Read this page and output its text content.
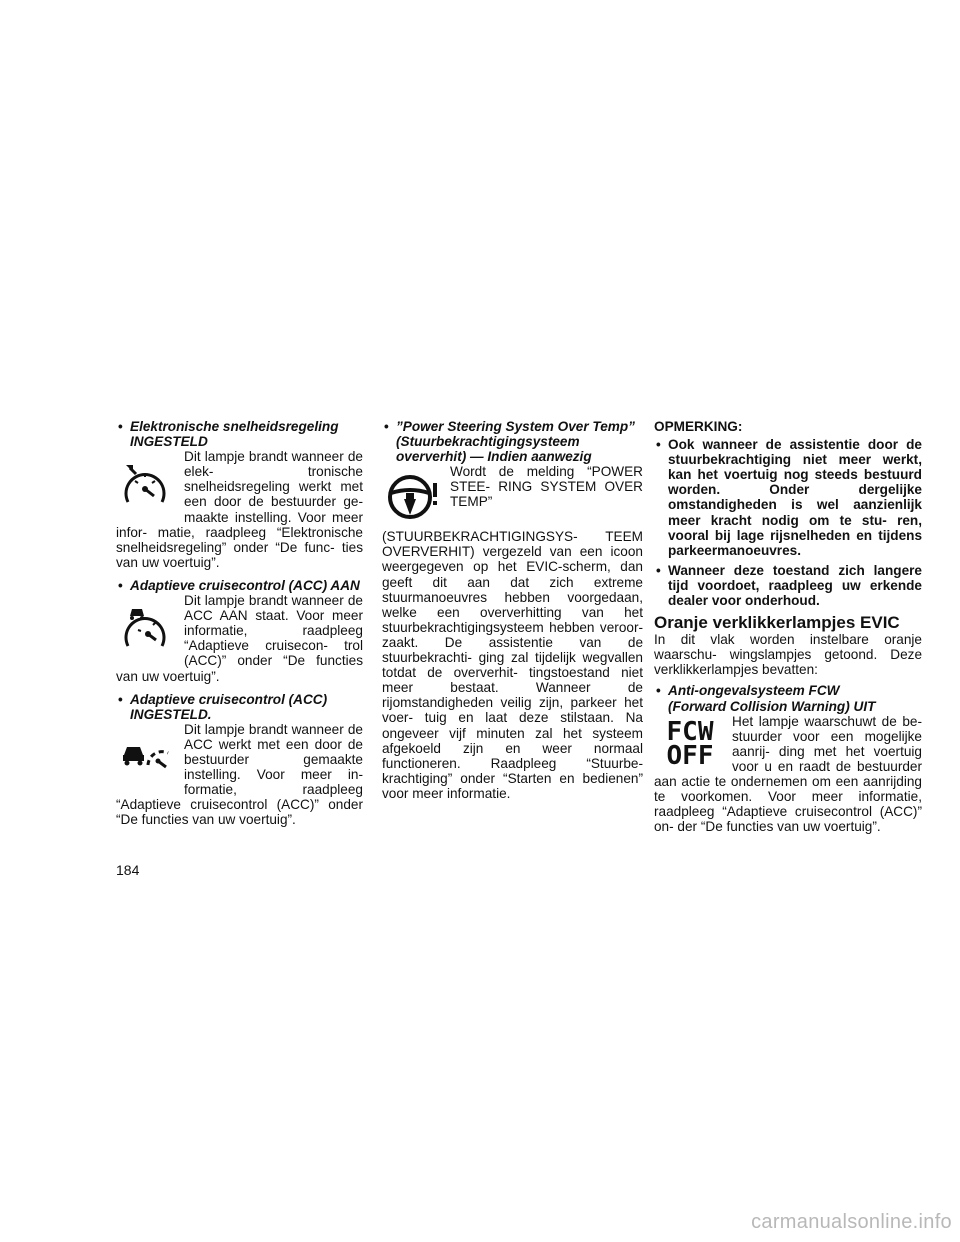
• Elektronische snelheidsregeling
INGESTELD
Dit lampje brandt wanneer de elek- tronische snelheidsregeling werkt met een door de bestuurder ge- maakte instelling. Voor meer infor- matie, raadpleeg “Elektronische snelheidsregeling” onder “De func- ties van uw voertuig”.
• Adaptieve cruisecontrol (ACC) AAN
Dit lampje brandt wanneer de ACC AAN staat. Voor meer informatie, raadpleeg “Adaptieve cruisecon- trol (ACC)” onder “De functies van uw voertuig”.
• Adaptieve cruisecontrol (ACC)
INGESTELD.
Dit lampje brandt wanneer de ACC werkt met een door de bestuurder gemaakte instelling. Voor meer in- formatie, raadpleeg “Adaptieve cruisecontrol (ACC)” onder “De functies van uw voertuig”.
• ”Power Steering System Over Temp”
(Stuurbekrachtigingsysteem
oververhit) — Indien aanwezig
Wordt de melding “POWER STEE- RING SYSTEM OVER TEMP” (STUURBEKRACHTIGINGSYS- TEEM OVERVERHIT) vergezeld van een icoon weergegeven op het EVIC-scherm, dan geeft dit aan dat zich extreme stuurmanoeuvres hebben voorgedaan, welke een oververhitting van het stuurbekrachtigingsysteem hebben veroor- zaakt. De assistentie van de stuurbekrachti- ging zal tijdelijk wegvallen totdat de oververhit- tingstoestand niet meer bestaat. Wanneer de rijomstandigheden veilig zijn, parkeer het voer- tuig en laat deze stilstaan. Na ongeveer vijf minuten zal het systeem afgekoeld zijn en weer normaal functioneren. Raadpleeg “Stuurbe- krachtiging” onder “Starten en bedienen” voor meer informatie.
OPMERKING:
• Ook wanneer de assistentie door de stuurbekrachtiging niet meer werkt, kan het voertuig nog steeds bestuurd worden. Onder dergelijke omstandigheden is wel aanzienlijk meer kracht nodig om te stu- ren, vooral bij lage rijsnelheden en tijdens parkeermanoeuvres.
• Wanneer deze toestand zich langere tijd voordoet, raadpleeg uw erkende dealer voor onderhoud.
Oranje verklikkerlampjes EVIC
In dit vlak worden instelbare oranje waarschu- wingslampjes getoond. Deze verklikkerlampjes bevatten:
• Anti-ongevalsysteem FCW
(Forward Collision Warning) UIT
FCW
OFF
Het lampje waarschuwt de be- stuurder voor een mogelijke aanrij- ding met het voertuig voor u en raadt de bestuurder aan actie te ondernemen om een aanrijding te voorkomen. Voor meer informatie, raadpleeg “Adaptieve cruisecontrol (ACC)” on- der “De functies van uw voertuig”.
184
carmanualsonline.info
